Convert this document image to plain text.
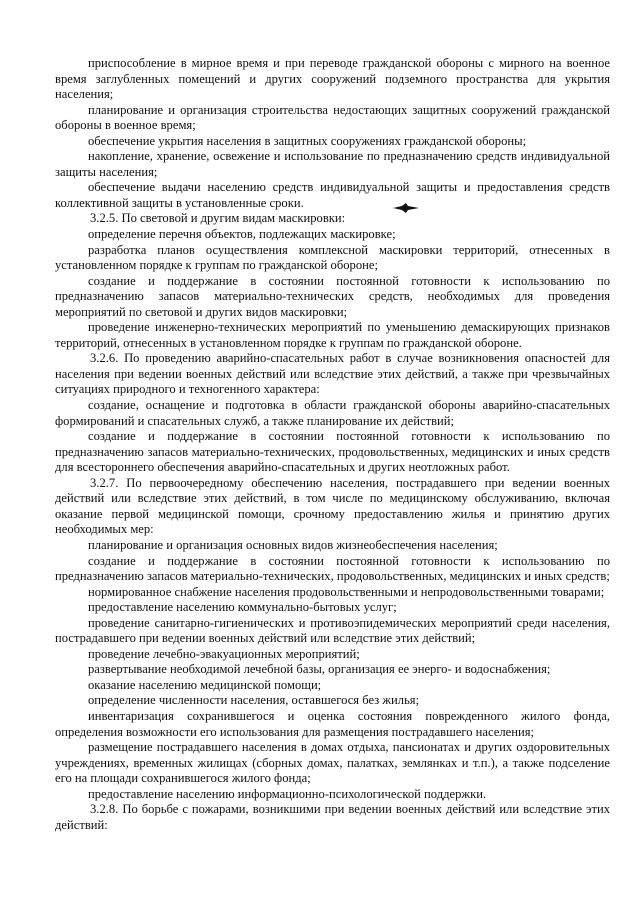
приспособление в мирное время и при переводе гражданской обороны с мирного на военное время заглубленных помещений и других сооружений подземного пространства для укрытия населения;

планирование и организация строительства недостающих защитных сооружений гражданской обороны в военное время;

обеспечение укрытия населения в защитных сооружениях гражданской обороны;

накопление, хранение, освежение и использование по предназначению средств индивидуальной защиты населения;

обеспечение выдачи населению средств индивидуальной защиты и предоставления средств коллективной защиты в установленные сроки.

3.2.5. По световой и другим видам маскировки:

определение перечня объектов, подлежащих маскировке;

разработка планов осуществления комплексной маскировки территорий, отнесенных в установленном порядке к группам по гражданской обороне;

создание и поддержание в состоянии постоянной готовности к использованию по предназначению запасов материально-технических средств, необходимых для проведения мероприятий по световой и других видов маскировки;

проведение инженерно-технических мероприятий по уменьшению демаскирующих признаков территорий, отнесенных в установленном порядке к группам по гражданской обороне.

3.2.6. По проведению аварийно-спасательных работ в случае возникновения опасностей для населения при ведении военных действий или вследствие этих действий, а также при чрезвычайных ситуациях природного и техногенного характера:

создание, оснащение и подготовка в области гражданской обороны аварийно-спасательных формирований и спасательных служб, а также планирование их действий;

создание и поддержание в состоянии постоянной готовности к использованию по предназначению запасов материально-технических, продовольственных, медицинских и иных средств для всестороннего обеспечения аварийно-спасательных и других неотложных работ.

3.2.7. По первоочередному обеспечению населения, пострадавшего при ведении военных действий или вследствие этих действий, в том числе по медицинскому обслуживанию, включая оказание первой медицинской помощи, срочному предоставлению жилья и принятию других необходимых мер:

планирование и организация основных видов жизнеобеспечения населения;

создание и поддержание в состоянии постоянной готовности к использованию по предназначению запасов материально-технических, продовольственных, медицинских и иных средств;

нормированное снабжение населения продовольственными и непродовольственными товарами;

предоставление населению коммунально-бытовых услуг;

проведение санитарно-гигиенических и противоэпидемических мероприятий среди населения, пострадавшего при ведении военных действий или вследствие этих действий;

проведение лечебно-эвакуационных мероприятий;

развертывание необходимой лечебной базы, организация ее энерго- и водоснабжения;

оказание населению медицинской помощи;

определение численности населения, оставшегося без жилья;

инвентаризация сохранившегося и оценка состояния поврежденного жилого фонда, определения возможности его использования для размещения пострадавшего населения;

размещение пострадавшего населения в домах отдыха, пансионатах и других оздоровительных учреждениях, временных жилищах (сборных домах, палатках, землянках и т.п.), а также подселение его на площади сохранившегося жилого фонда;

предоставление населению информационно-психологической поддержки.

3.2.8. По борьбе с пожарами, возникшими при ведении военных действий или вследствие этих действий:
